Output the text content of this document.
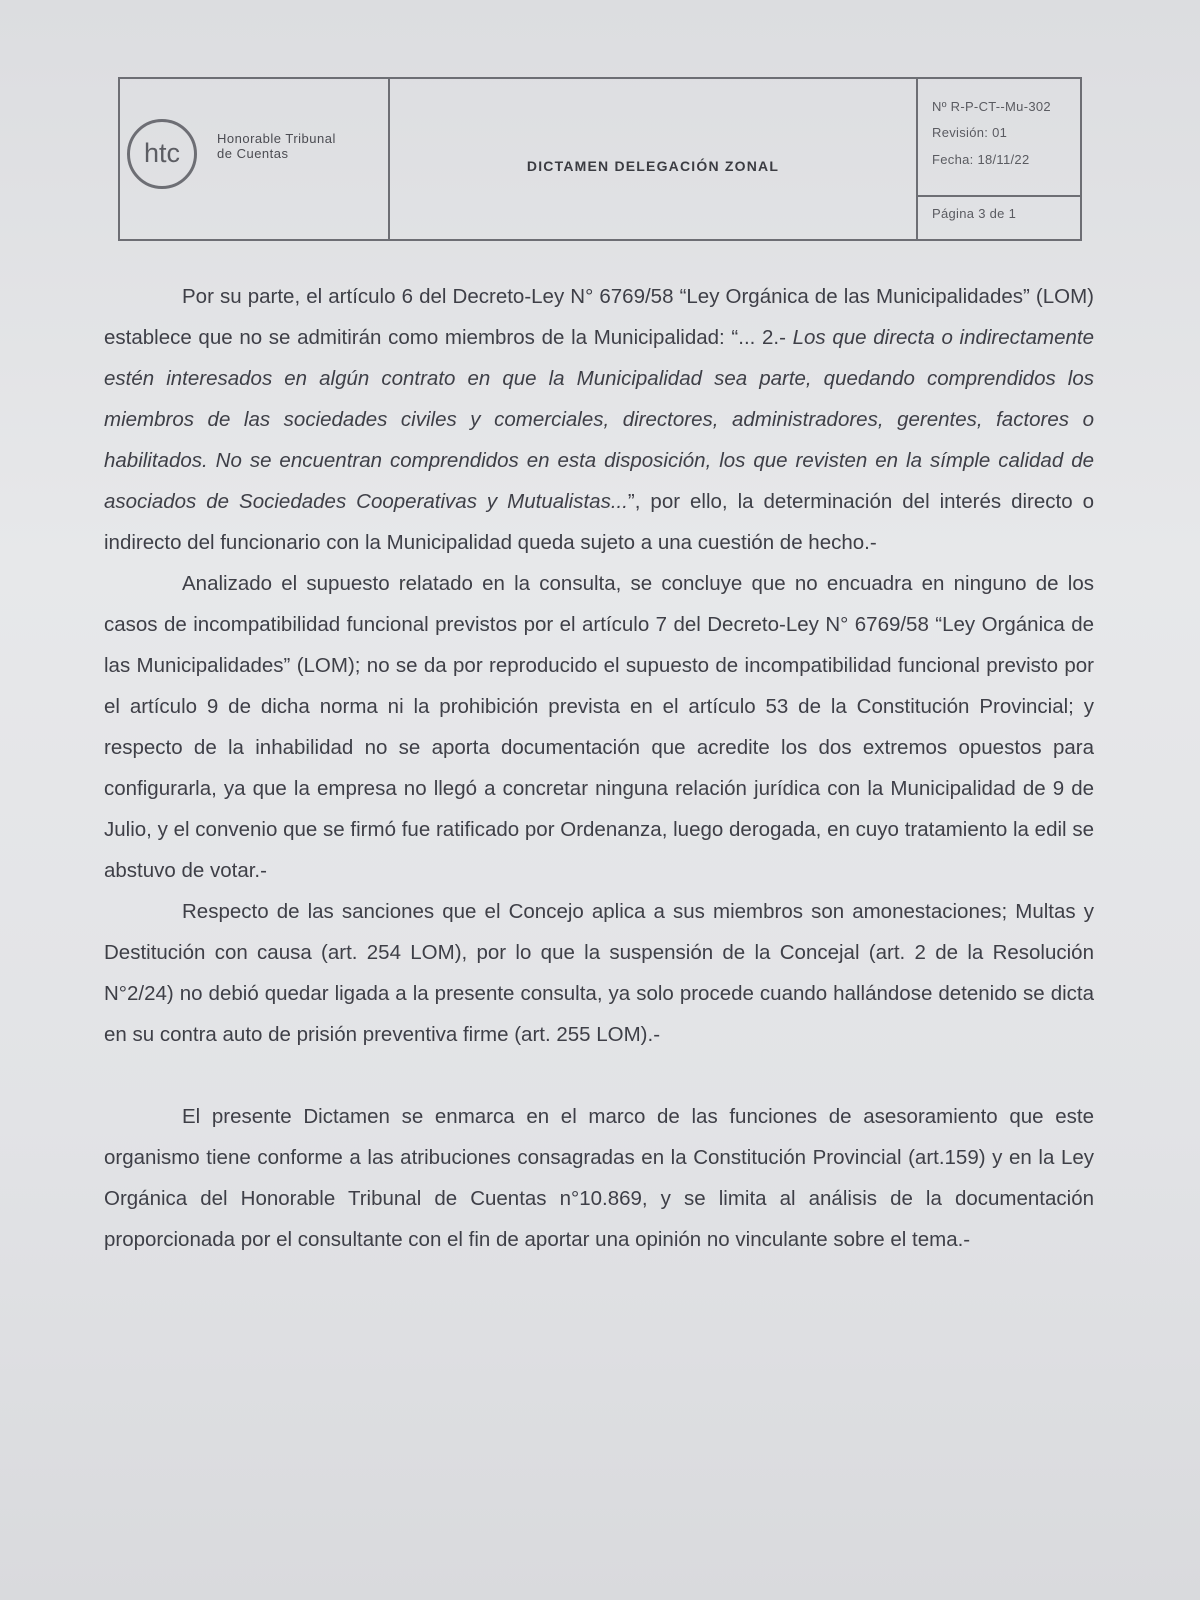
htc	Honorable Tribunal
de Cuentas
DICTAMEN DELEGACIÓN ZONAL
Nº R-P-CT--Mu-302
Revisión: 01
Fecha: 18/11/22
Página 3 de 1

Por su parte, el artículo 6 del Decreto-Ley N° 6769/58 “Ley Orgánica de las Municipalidades” (LOM) establece que no se admitirán como miembros de la Municipalidad: “... 2.- Los que directa o indirectamente estén interesados en algún contrato en que la Municipalidad sea parte, quedando comprendidos los miembros de las sociedades civiles y comerciales, directores, administradores, gerentes, factores o habilitados. No se encuentran comprendidos en esta disposición, los que revisten en la símple calidad de asociados de Sociedades Cooperativas y Mutualistas...”, por ello, la determinación del interés directo o indirecto del funcionario con la Municipalidad queda sujeto a una cuestión de hecho.-

Analizado el supuesto relatado en la consulta, se concluye que no encuadra en ninguno de los casos de incompatibilidad funcional previstos por el artículo 7 del Decreto-Ley N° 6769/58 “Ley Orgánica de las Municipalidades” (LOM); no se da por reproducido el supuesto de incompatibilidad funcional previsto por el artículo 9 de dicha norma ni la prohibición prevista en el artículo 53 de la Constitución Provincial; y respecto de la inhabilidad no se aporta documentación que acredite los dos extremos opuestos para configurarla, ya que la empresa no llegó a concretar ninguna relación jurídica con la Municipalidad de 9 de Julio, y el convenio que se firmó fue ratificado por Ordenanza, luego derogada, en cuyo tratamiento la edil se abstuvo de votar.-

Respecto de las sanciones que el Concejo aplica a sus miembros son amonestaciones; Multas y Destitución con causa (art. 254 LOM), por lo que la suspensión de la Concejal (art. 2 de la Resolución N°2/24) no debió quedar ligada a la presente consulta, ya solo procede cuando hallándose detenido se dicta en su contra auto de prisión preventiva firme (art. 255 LOM).-

El presente Dictamen se enmarca en el marco de las funciones de asesoramiento que este organismo tiene conforme a las atribuciones consagradas en la Constitución Provincial (art.159) y en la Ley Orgánica del Honorable Tribunal de Cuentas n°10.869, y se limita al análisis de la documentación proporcionada por el consultante con el fin de aportar una opinión no vinculante sobre el tema.-
